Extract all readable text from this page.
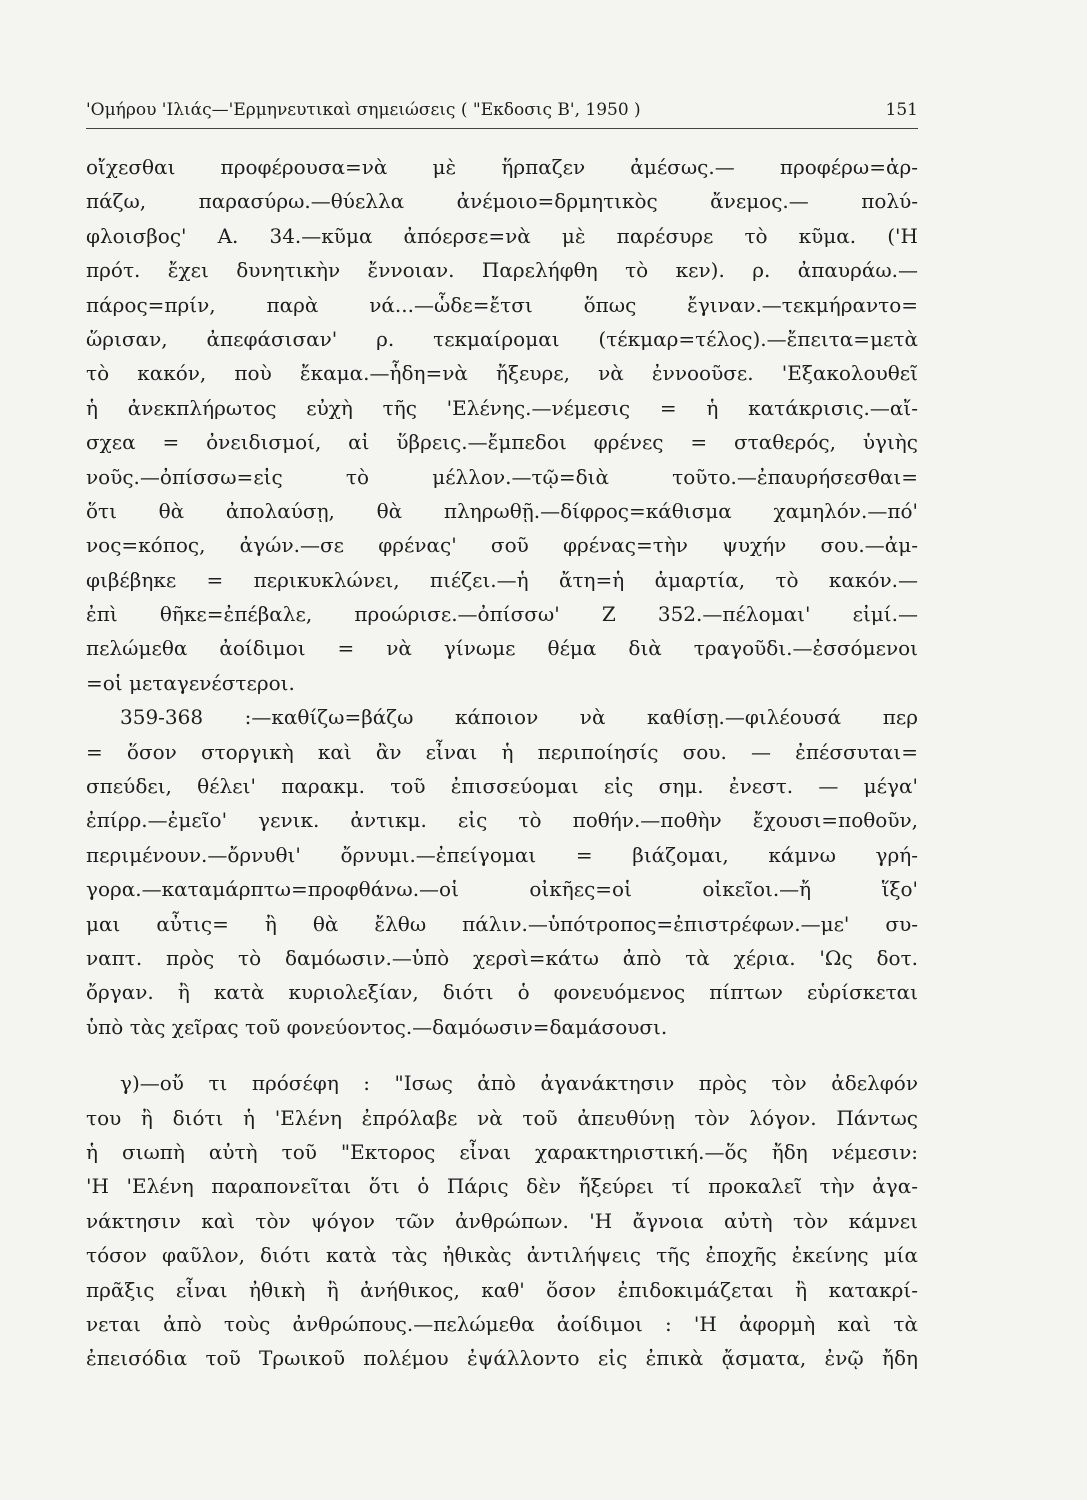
'Ομήρου 'Ιλιάς—'Ερμηνευτικαὶ σημειώσεις ( "Εκδοσις Β', 1950 )	151
οἴχεσθαι προφέρουσα=νὰ μὲ ἥρπαζεν ἀμέσως.— προφέρω=ἁρ-
πάζω, παρασύρω.—θύελλα ἀνέμοιο=δρμητικὸς ἄνεμος.— πολύ-
φλοισβος' Α. 34.—κῦμα ἀπόερσε=νὰ μὲ παρέσυρε τὸ κῦμα. ('Η
πρότ. ἔχει δυνητικὴν ἔννοιαν. Παρελήφθη τὸ κεν). ρ. ἀπαυράω.—
πάρος=πρίν, παρὰ νά...—ὧδε=ἔτσι ὅπως ἔγιναν.—τεκμήραντο=
ὥρισαν, ἀπεφάσισαν' ρ. τεκμαίρομαι (τέκμαρ=τέλος).—ἔπειτα=μετὰ
τὸ κακόν, ποὺ ἔκαμα.—ἧδη=νὰ ἤξευρε, νὰ ἐννοοῦσε. 'Εξακολουθεῖ
ἡ ἀνεκπλήρωτος εὐχὴ τῆς 'Ελένης.—νέμεσις = ἡ κατάκρισις.—αἴ-
σχεα = ὀνειδισμοί, αἱ ὕβρεις.—ἔμπεδοι φρένες = σταθερός, ὑγιὴς
νοῦς.—ὀπίσσω=εἰς τὸ μέλλον.—τῷ=διὰ τοῦτο.—ἐπαυρήσεσθαι=
ὅτι θὰ ἀπολαύσῃ, θὰ πληρωθῇ.—δίφρος=κάθισμα χαμηλόν.—πό'
νος=κόπος, ἀγών.—σε φρένας' σοῦ φρένας=τὴν ψυχήν σου.—ἀμ-
φιβέβηκε = περικυκλώνει, πιέζει.—ἡ ἄτη=ἡ ἁμαρτία, τὸ κακόν.—
ἐπὶ θῆκε=ἐπέβαλε, προώρισε.—ὀπίσσω' Ζ 352.—πέλομαι' εἰμί.—
πελώμεθα ἀοίδιμοι = νὰ γίνωμε θέμα διὰ τραγοῦδι.—ἐσσόμενοι
=οἱ μεταγενέστεροι.
359-368 :—καθίζω=βάζω κάποιον νὰ καθίσῃ.—φιλέουσά περ
= ὅσον στοργικὴ καὶ ἂν εἶναι ἡ περιποίησίς σου. — ἐπέσσυται=
σπεύδει, θέλει' παρακμ. τοῦ ἐπισσεύομαι εἰς σημ. ἐνεστ. — μέγα'
ἐπίρρ.—ἐμεῖο' γενικ. ἀντικμ. εἰς τὸ ποθήν.—ποθὴν ἔχουσι=ποθοῦν,
περιμένουν.—ὄρνυθι' ὄρνυμι.—ἐπείγομαι = βιάζομαι, κάμνω γρή-
γορα.—καταμάρπτω=προφθάνω.—οἱ οἰκῆες=οἱ οἰκεῖοι.—ἤ ἵξο'
μαι αὖτις= ἢ θὰ ἔλθω πάλιν.—ὑπότροπος=ἐπιστρέφων.—με' συ-
ναπτ. πρὸς τὸ δαμόωσιν.—ὑπὸ χερσὶ=κάτω ἀπὸ τὰ χέρια. 'Ως δοτ.
ὄργαν. ἢ κατὰ κυριολεξίαν, διότι ὁ φονευόμενος πίπτων εὑρίσκεται
ὑπὸ τὰς χεῖρας τοῦ φονεύοντος.—δαμόωσιν=δαμάσουσι.
γ)—οὔ τι πρόσέφη : "Ισως ἀπὸ ἀγανάκτησιν πρὸς τὸν ἀδελφόν
του ἢ διότι ἡ 'Ελένη ἐπρόλαβε νὰ τοῦ ἀπευθύνῃ τὸν λόγον. Πάντως
ἡ σιωπὴ αὐτὴ τοῦ "Εκτορος εἶναι χαρακτηριστική.—ὅς ἤδη νέμεσιν:
'Η 'Ελένη παραπονεῖται ὅτι ὁ Πάρις δὲν ἤξεύρει τί προκαλεῖ τὴν ἀγα-
νάκτησιν καὶ τὸν ψόγον τῶν ἀνθρώπων. 'Η ἄγνοια αὐτὴ τὸν κάμνει
τόσον φαῦλον, διότι κατὰ τὰς ἠθικὰς ἀντιλήψεις τῆς ἐποχῆς ἐκείνης μία
πρᾶξις εἶναι ἠθικὴ ἢ ἀνήθικος, καθ' ὅσον ἐπιδοκιμάζεται ἢ κατακρί-
νεται ἀπὸ τοὺς ἀνθρώπους.—πελώμεθα ἀοίδιμοι : 'Η ἀφορμὴ καὶ τὰ
ἐπεισόδια τοῦ Τρωικοῦ πολέμου ἐψάλλοντο εἰς ἐπικὰ ᾄσματα, ἐνῷ ἤδη
